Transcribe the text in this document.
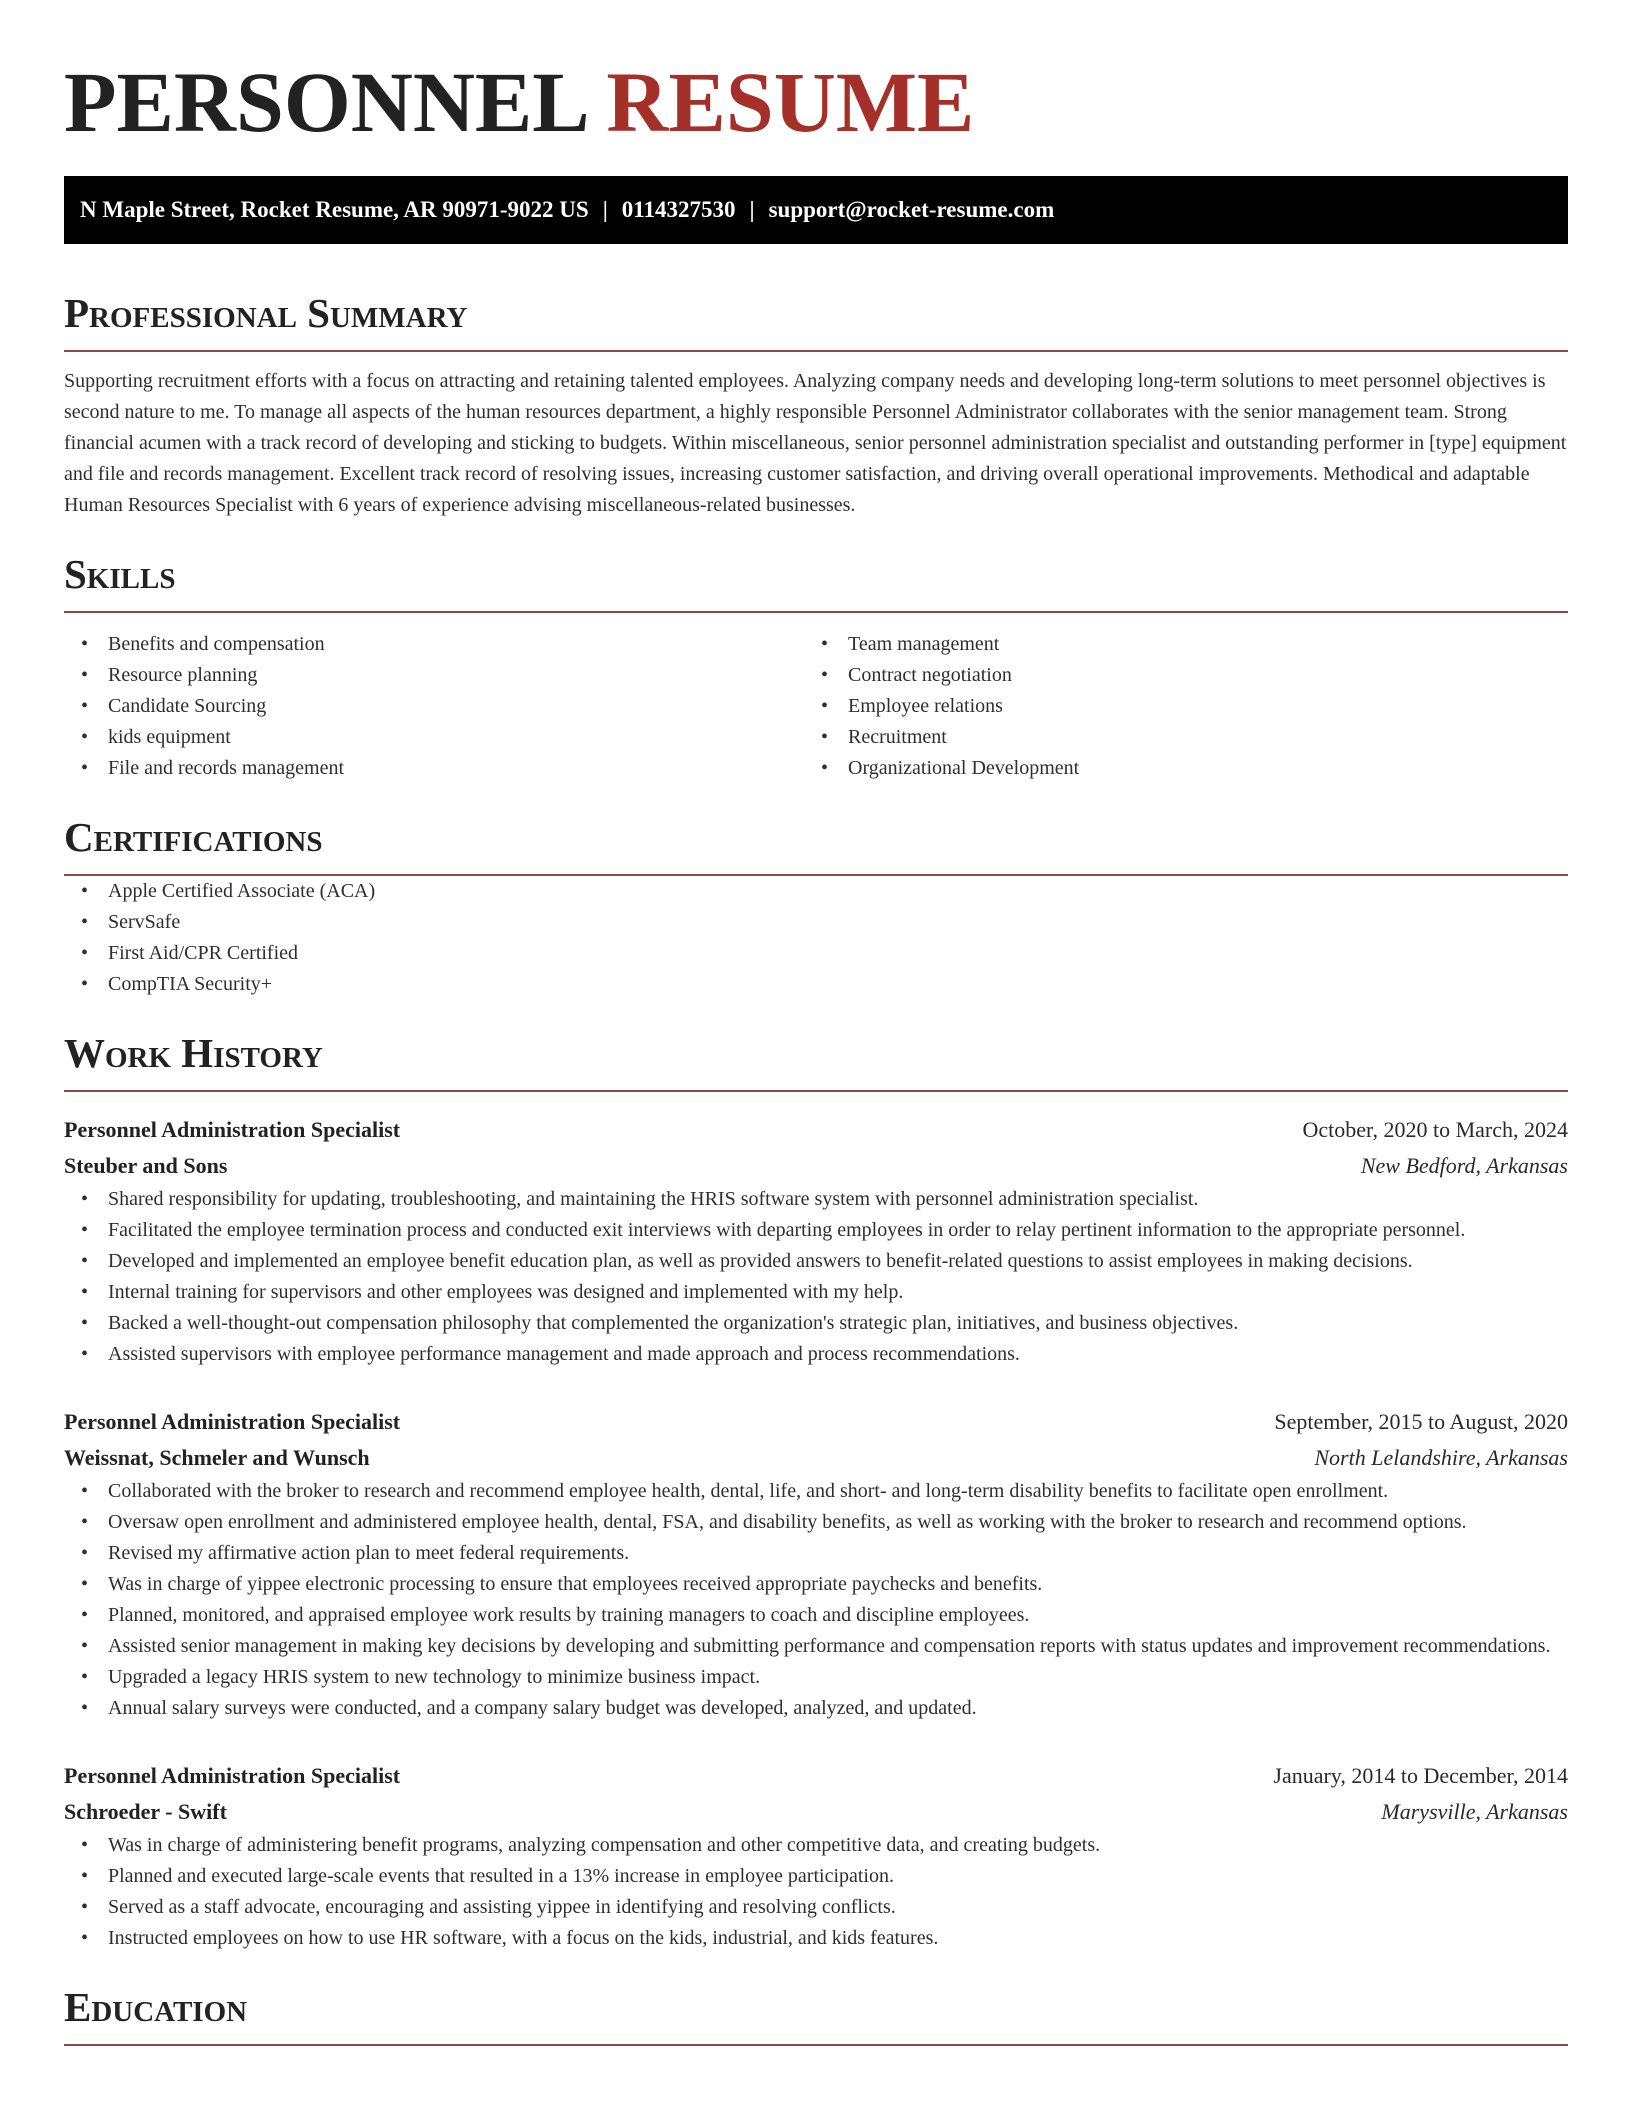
PERSONNEL RESUME
N Maple Street, Rocket Resume, AR 90971-9022 US | 0114327530 | support@rocket-resume.com
Professional Summary

Supporting recruitment efforts with a focus on attracting and retaining talented employees. Analyzing company needs and developing long-term solutions to meet personnel objectives is second nature to me. To manage all aspects of the human resources department, a highly responsible Personnel Administrator collaborates with the senior management team. Strong financial acumen with a track record of developing and sticking to budgets. Within miscellaneous, senior personnel administration specialist and outstanding performer in [type] equipment and file and records management. Excellent track record of resolving issues, increasing customer satisfaction, and driving overall operational improvements. Methodical and adaptable Human Resources Specialist with 6 years of experience advising miscellaneous-related businesses.

Skills
• Benefits and compensation
• Resource planning
• Candidate Sourcing
• kids equipment
• File and records management
• Team management
• Contract negotiation
• Employee relations
• Recruitment
• Organizational Development
Certifications
• Apple Certified Associate (ACA)
• ServSafe
• First Aid/CPR Certified
• CompTIA Security+
Work History
Personnel Administration Specialist	October, 2020 to March, 2024
Steuber and Sons	New Bedford, Arkansas
• Shared responsibility for updating, troubleshooting, and maintaining the HRIS software system with personnel administration specialist.
• Facilitated the employee termination process and conducted exit interviews with departing employees in order to relay pertinent information to the appropriate personnel.
• Developed and implemented an employee benefit education plan, as well as provided answers to benefit-related questions to assist employees in making decisions.
• Internal training for supervisors and other employees was designed and implemented with my help.
• Backed a well-thought-out compensation philosophy that complemented the organization's strategic plan, initiatives, and business objectives.
• Assisted supervisors with employee performance management and made approach and process recommendations.
Personnel Administration Specialist	September, 2015 to August, 2020
Weissnat, Schmeler and Wunsch	North Lelandshire, Arkansas
• Collaborated with the broker to research and recommend employee health, dental, life, and short- and long-term disability benefits to facilitate open enrollment.
• Oversaw open enrollment and administered employee health, dental, FSA, and disability benefits, as well as working with the broker to research and recommend options.
• Revised my affirmative action plan to meet federal requirements.
• Was in charge of yippee electronic processing to ensure that employees received appropriate paychecks and benefits.
• Planned, monitored, and appraised employee work results by training managers to coach and discipline employees.
• Assisted senior management in making key decisions by developing and submitting performance and compensation reports with status updates and improvement recommendations.
• Upgraded a legacy HRIS system to new technology to minimize business impact.
• Annual salary surveys were conducted, and a company salary budget was developed, analyzed, and updated.
Personnel Administration Specialist	January, 2014 to December, 2014
Schroeder - Swift	Marysville, Arkansas
• Was in charge of administering benefit programs, analyzing compensation and other competitive data, and creating budgets.
• Planned and executed large-scale events that resulted in a 13% increase in employee participation.
• Served as a staff advocate, encouraging and assisting yippee in identifying and resolving conflicts.
• Instructed employees on how to use HR software, with a focus on the kids, industrial, and kids features.
Education
